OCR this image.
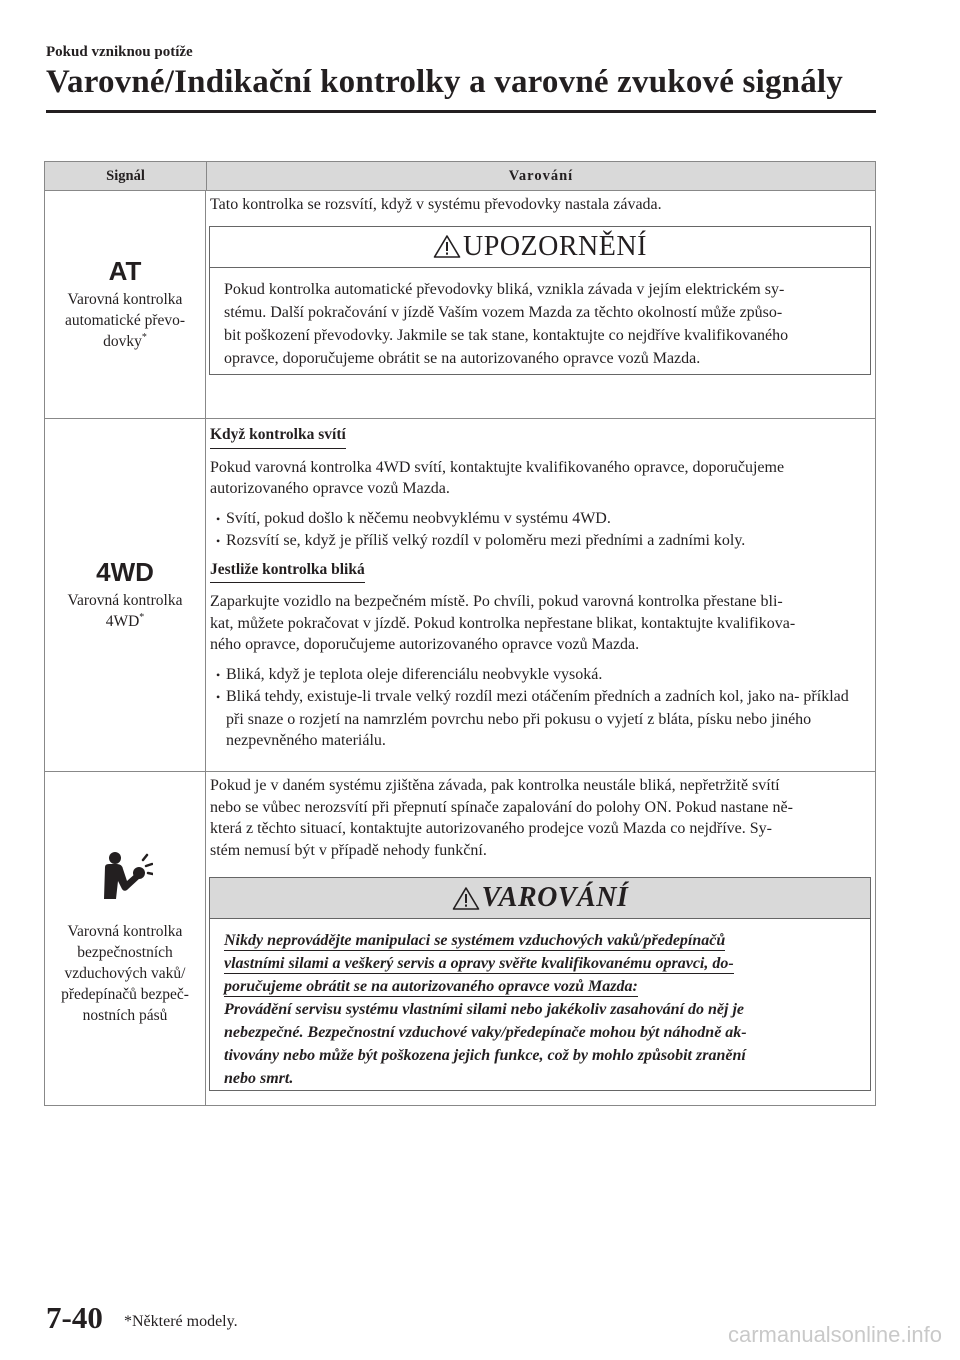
Pokud vzniknou potíže
Varovné/Indikační kontrolky a varovné zvukové signály
Signál	Varování
AT
Varovná kontrolka
automatické převo-
dovky*

Tato kontrolka se rozsvítí, když v systému převodovky nastala závada.

UPOZORNĚNÍ
Pokud kontrolka automatické převodovky bliká, vznikla závada v jejím elektrickém sy-
stému. Další pokračování v jízdě Vaším vozem Mazda za těchto okolností může způso-
bit poškození převodovky. Jakmile se tak stane, kontaktujte co nejdříve kvalifikovaného
opravce, doporučujeme obrátit se na autorizovaného opravce vozů Mazda.
4WD
Varovná kontrolka
4WD*
Když kontrolka svítí
Pokud varovná kontrolka 4WD svítí, kontaktujte kvalifikovaného opravce, doporučujeme
autorizovaného opravce vozů Mazda.
• Svítí, pokud došlo k něčemu neobvyklému v systému 4WD.
• Rozsvítí se, když je příliš velký rozdíl v poloměru mezi předními a zadními koly.
Jestliže kontrolka bliká
Zaparkujte vozidlo na bezpečném místě. Po chvíli, pokud varovná kontrolka přestane bli-
kat, můžete pokračovat v jízdě. Pokud kontrolka nepřestane blikat, kontaktujte kvalifikova-
ného opravce, doporučujeme autorizovaného opravce vozů Mazda.
• Bliká, když je teplota oleje diferenciálu neobvykle vysoká.
• Bliká tehdy, existuje-li trvale velký rozdíl mezi otáčením předních a zadních kol, jako na- příklad při snaze o rozjetí na namrzlém povrchu nebo při pokusu o vyjetí z bláta, písku nebo jiného nezpevněného materiálu.
Varovná kontrolka
bezpečnostních
vzduchových vaků/
předepínačů bezpeč-
nostních pásů
Pokud je v daném systému zjištěna závada, pak kontrolka neustále bliká, nepřetržitě svítí
nebo se vůbec nerozsvítí při přepnutí spínače zapalování do polohy ON. Pokud nastane ně-
která z těchto situací, kontaktujte autorizovaného prodejce vozů Mazda co nejdříve. Sy-
stém nemusí být v případě nehody funkční.
VAROVÁNÍ
Nikdy neprovádějte manipulaci se systémem vzduchových vaků/předepínačů
vlastními silami a veškerý servis a opravy svěřte kvalifikovanému opravci, do-
poručujeme obrátit se na autorizovaného opravce vozů Mazda:
Provádění servisu systému vlastními silami nebo jakékoliv zasahování do něj je
nebezpečné. Bezpečnostní vzduchové vaky/předepínače mohou být náhodně ak-
tivovány nebo může být poškozena jejich funkce, což by mohlo způsobit zranění
nebo smrt.
7-40 *Některé modely.
carmanualsonline.info
